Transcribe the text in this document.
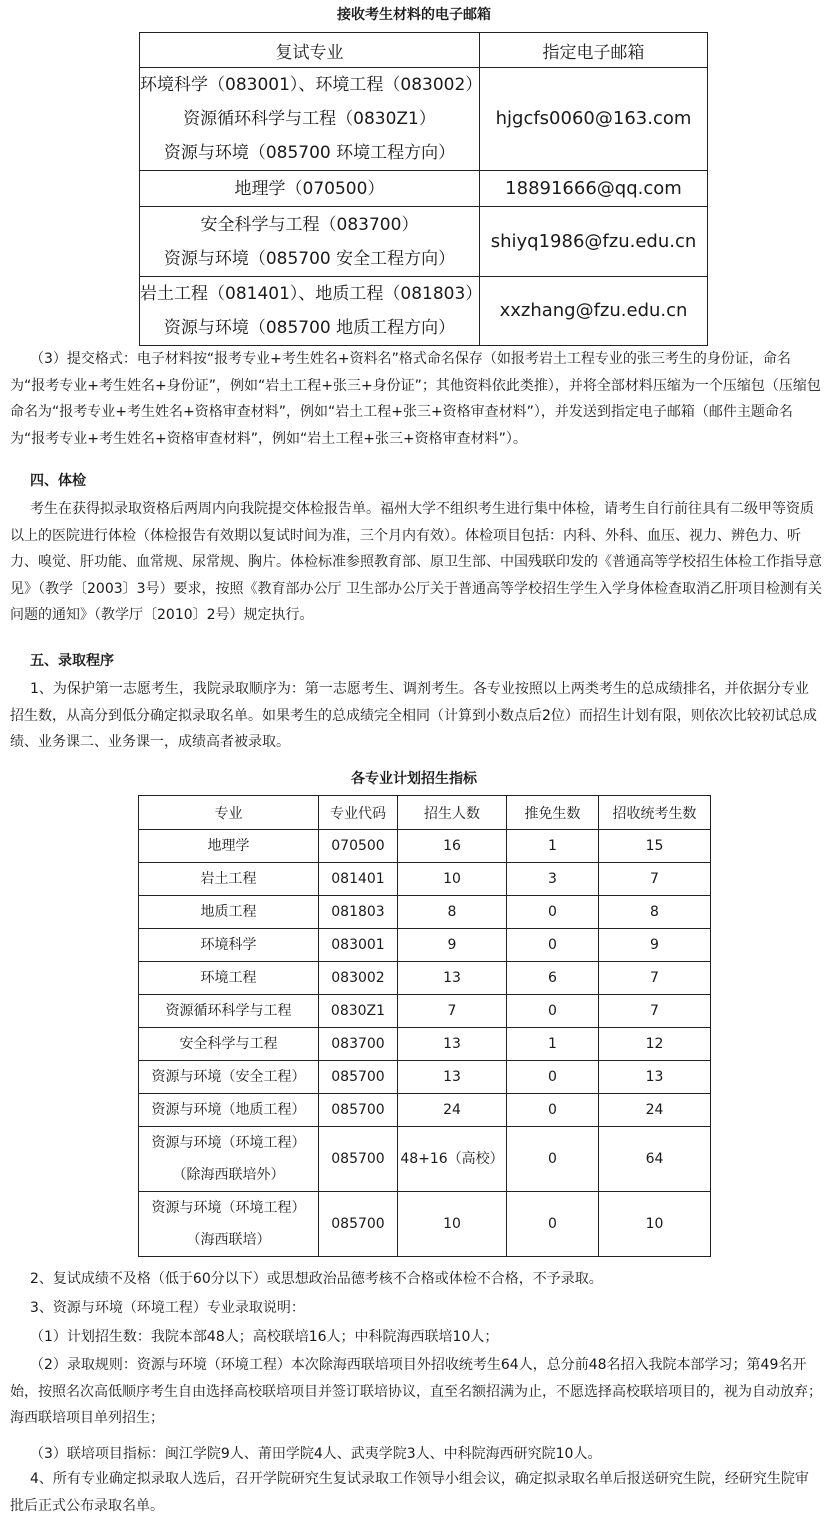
接收考生材料的电子邮箱
复试专业	指定电子邮箱

环境科学（083001）、环境工程（083002）
资源循环科学与工程（0830Z1）
资源与环境（085700 环境工程方向）	hjgcfs0060@163.com

地理学（070500）	18891666@qq.com

安全科学与工程（083700）
资源与环境（085700 安全工程方向）	shiyq1986@fzu.edu.cn

岩土工程（081401）、地质工程（081803）
资源与环境（085700 地质工程方向）	xxzhang@fzu.edu.cn
（3）提交格式：电子材料按“报考专业+考生姓名+资料名”格式命名保存（如报考岩土工程专业的张三考生的身份证，命名为“报考专业+考生姓名+身份证”，例如“岩土工程+张三+身份证”；其他资料依此类推），并将全部材料压缩为一个压缩包（压缩包命名为“报考专业+考生姓名+资格审查材料”，例如“岩土工程+张三+资格审查材料”），并发送到指定电子邮箱（邮件主题命名为“报考专业+考生姓名+资格审查材料”，例如“岩土工程+张三+资格审查材料”）。
四、体检
考生在获得拟录取资格后两周内向我院提交体检报告单。福州大学不组织考生进行集中体检，请考生自行前往具有二级甲等资质以上的医院进行体检（体检报告有效期以复试时间为准，三个月内有效）。体检项目包括：内科、外科、血压、视力、辨色力、听力、嗅觉、肝功能、血常规、尿常规、胸片。体检标准参照教育部、原卫生部、中国残联印发的《普通高等学校招生体检工作指导意见》（教学〔2003〕3号）要求，按照《教育部办公厅 卫生部办公厅关于普通高等学校招生学生入学身体检查取消乙肝项目检测有关问题的通知》（教学厅〔2010〕2号）规定执行。
五、录取程序
1、为保护第一志愿考生，我院录取顺序为：第一志愿考生、调剂考生。各专业按照以上两类考生的总成绩排名，并依据分专业招生数，从高分到低分确定拟录取名单。如果考生的总成绩完全相同（计算到小数点后2位）而招生计划有限，则依次比较初试总成绩、业务课二、业务课一，成绩高者被录取。
各专业计划招生指标
专业	专业代码	招生人数	推免生数	招收统考生数

地理学	070500	16	1	15

岩土工程	081401	10	3	7

地质工程	081803	8	0	8

环境科学	083001	9	0	9

环境工程	083002	13	6	7

资源循环科学与工程	0830Z1	7	0	7

安全科学与工程	083700	13	1	12

资源与环境（安全工程）	085700	13	0	13

资源与环境（地质工程）	085700	24	0	24

资源与环境（环境工程）
（除海西联培外）	085700	48+16（高校）	0	64

资源与环境（环境工程）
（海西联培）	085700	10	0	10
2、复试成绩不及格（低于60分以下）或思想政治品德考核不合格或体检不合格，不予录取。
3、资源与环境（环境工程）专业录取说明：
（1）计划招生数：我院本部48人；高校联培16人；中科院海西联培10人；
（2）录取规则：资源与环境（环境工程）本次除海西联培项目外招收统考生64人，总分前48名招入我院本部学习；第49名开始，按照名次高低顺序考生自由选择高校联培项目并签订联培协议，直至名额招满为止，不愿选择高校联培项目的，视为自动放弃；海西联培项目单列招生；
（3）联培项目指标：闽江学院9人、莆田学院4人、武夷学院3人、中科院海西研究院10人。
4、所有专业确定拟录取人选后，召开学院研究生复试录取工作领导小组会议，确定拟录取名单后报送研究生院，经研究生院审批后正式公布录取名单。
